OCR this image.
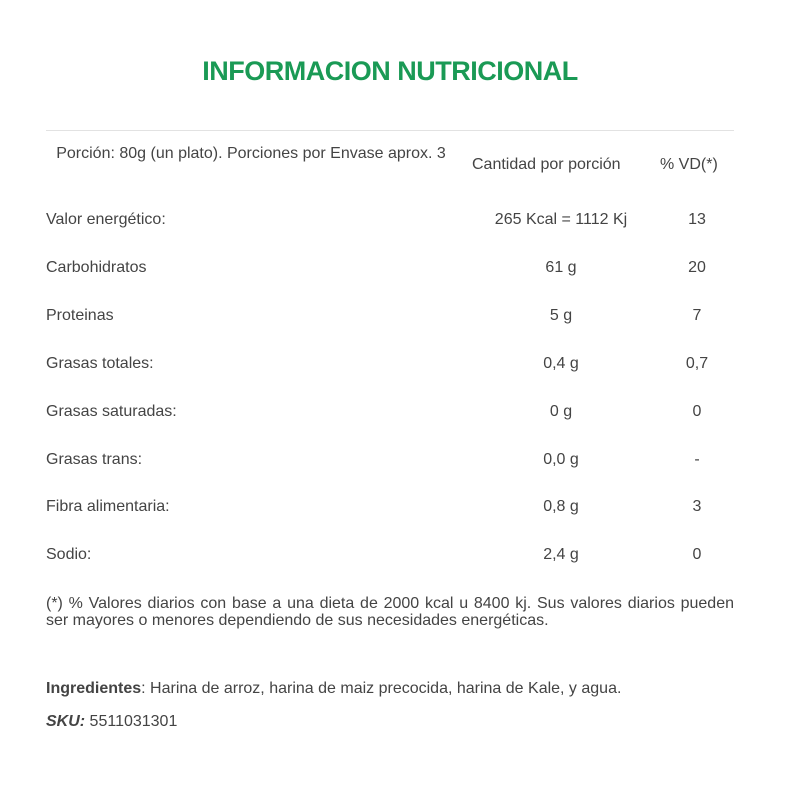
INFORMACION NUTRICIONAL
Porción: 80g (un plato). Porciones por Envase aprox. 3
Cantidad por porción	% VD(*)
Valor energético:	265 Kcal = 1112 Kj	13
Carbohidratos	61 g	20
Proteinas	5 g	7
Grasas totales:	0,4 g	0,7
Grasas saturadas:	0 g	0
Grasas trans:	0,0 g	-
Fibra alimentaria:	0,8 g	3
Sodio:	2,4 g	0
(*) % Valores diarios con base a una dieta de 2000 kcal u 8400 kj. Sus valores diarios pueden ser mayores o menores dependiendo de sus necesidades energéticas.
Ingredientes: Harina de arroz, harina de maiz precocida, harina de Kale, y agua.
SKU: 5511031301
